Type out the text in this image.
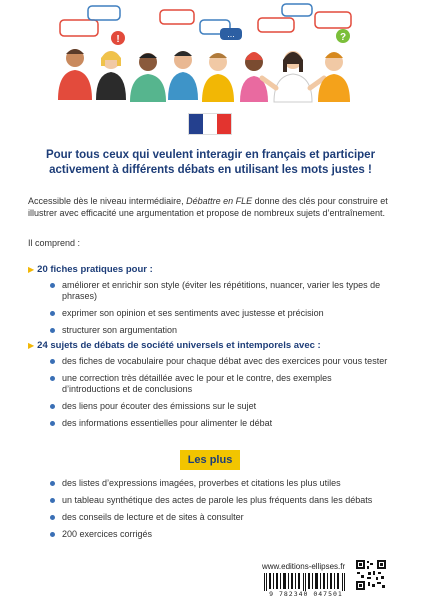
!	...	?
Pour tous ceux qui veulent interagir en français et participer activement à différents débats en utilisant les mots justes !

Accessible dès le niveau intermédiaire, Débattre en FLE donne des clés pour construire et illustrer avec efficacité une argumentation et propose de nombreux sujets d’entraînement.

Il comprend :
▶ 20 fiches pratiques pour :
améliorer et enrichir son style (éviter les répétitions, nuancer, varier les types de phrases)
exprimer son opinion et ses sentiments avec justesse et précision
structurer son argumentation
▶ 24 sujets de débats de société universels et intemporels avec :
des fiches de vocabulaire pour chaque débat avec des exercices pour vous tester
une correction très détaillée avec le pour et le contre, des exemples d’introductions et de conclusions
des liens pour écouter des émissions sur le sujet
des informations essentielles pour alimenter le débat
Les plus
des listes d’expressions imagées, proverbes et citations les plus utiles
un tableau synthétique des actes de parole les plus fréquents dans les débats
des conseils de lecture et de sites à consulter
200 exercices corrigés
www.editions-ellipses.fr
9 782340 047501
